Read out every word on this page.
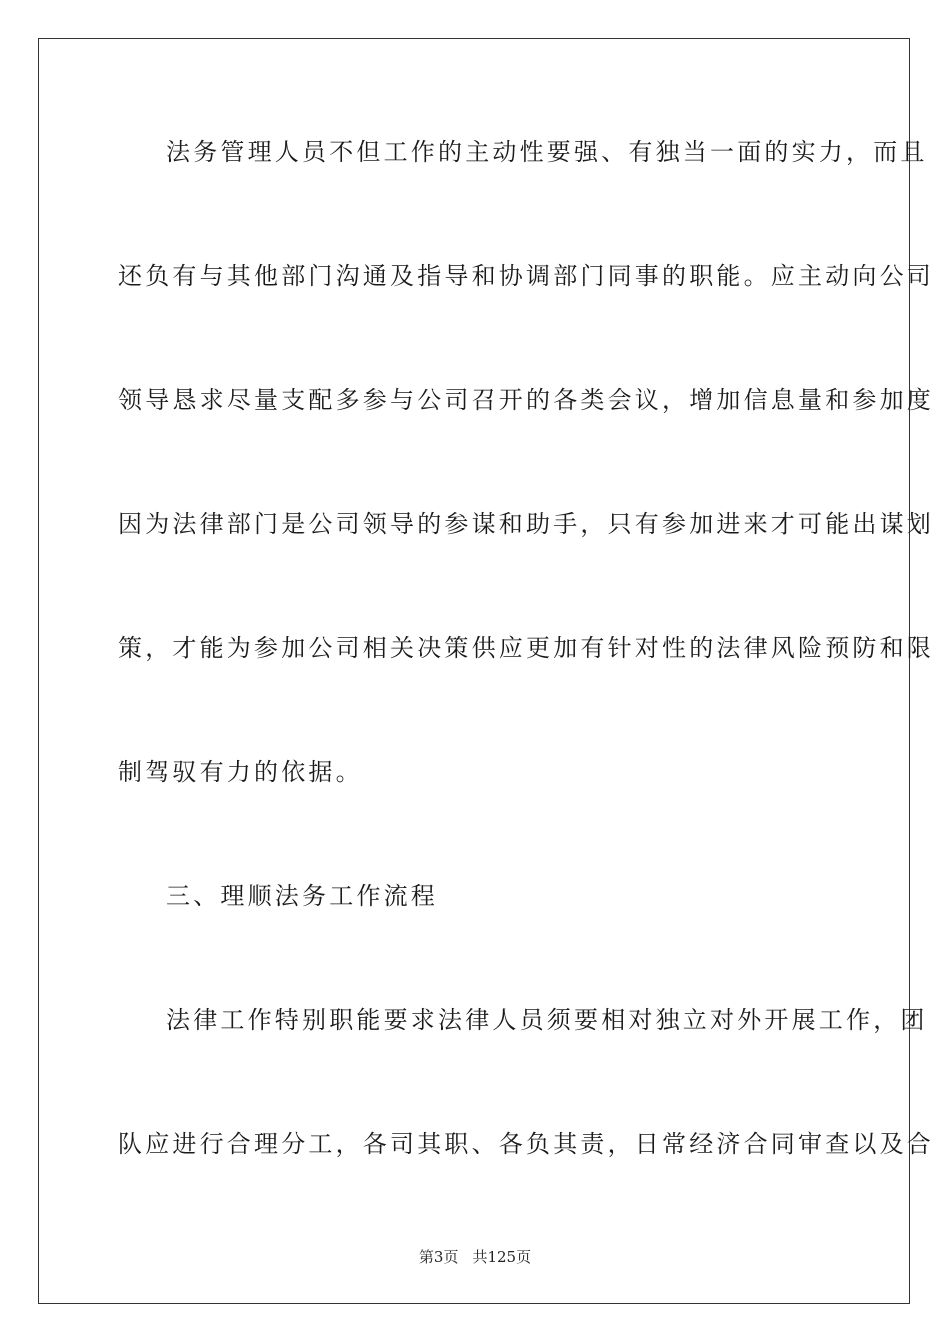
法务管理人员不但工作的主动性要强、有独当一面的实力，而且
还负有与其他部门沟通及指导和协调部门同事的职能。应主动向公司
领导恳求尽量支配多参与公司召开的各类会议，增加信息量和参加度
因为法律部门是公司领导的参谋和助手，只有参加进来才可能出谋划
策，才能为参加公司相关决策供应更加有针对性的法律风险预防和限
制驾驭有力的依据。
三、理顺法务工作流程
法律工作特别职能要求法律人员须要相对独立对外开展工作，团
队应进行合理分工，各司其职、各负其责，日常经济合同审查以及合
第3页 共125页
